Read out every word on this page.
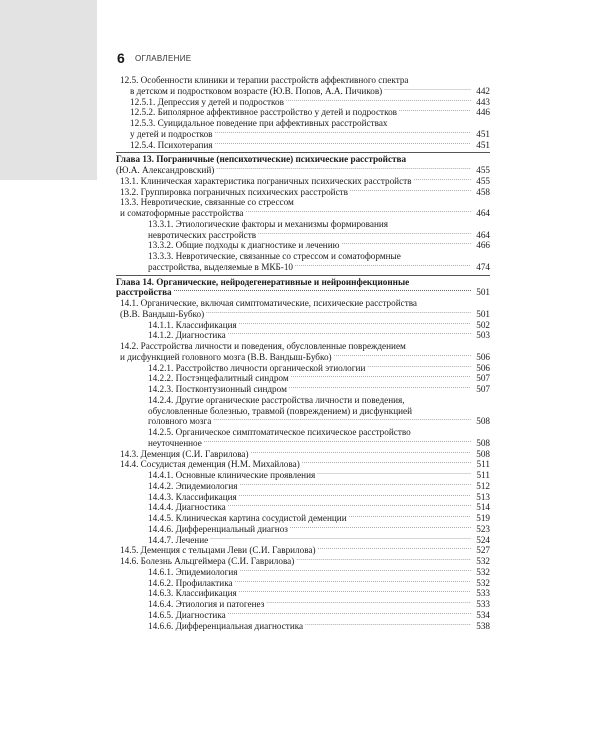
6 ОГЛАВЛЕНИЕ
12.5. Особенности клиники и терапии расстройств аффективного спектра
в детском и подростковом возрасте (Ю.В. Попов, А.А. Пичиков) .....	442
12.5.1. Депрессия у детей и подростков .....	443
12.5.2. Биполярное аффективное расстройство у детей и подростков .....	446
12.5.3. Суицидальное поведение при аффективных расстройствах
у детей и подростков .....	451
12.5.4. Психотерапия .....	451
Глава 13. Пограничные (непсихотические) психические расстройства
(Ю.А. Александровский) .....	455
13.1. Клиническая характеристика пограничных психических расстройств .....	455
13.2. Группировка пограничных психических расстройств .....	458
13.3. Невротические, связанные со стрессом
и соматоформные расстройства .....	464
13.3.1. Этиологические факторы и механизмы формирования
невротических расстройств .....	464
13.3.2. Общие подходы к диагностике и лечению .....	466
13.3.3. Невротические, связанные со стрессом и соматоформные
расстройства, выделяемые в МКБ-10 .....	474
Глава 14. Органические, нейродегенеративные и нейроинфекционные
расстройства .....	501
14.1. Органические, включая симптоматические, психические расстройства
(В.В. Вандыш-Бубко) .....	501
14.1.1. Классификация .....	502
14.1.2. Диагностика .....	503
14.2. Расстройства личности и поведения, обусловленные повреждением
и дисфункцией головного мозга (В.В. Вандыш-Бубко) .....	506
14.2.1. Расстройство личности органической этиологии .....	506
14.2.2. Постэнцефалитный синдром .....	507
14.2.3. Постконтузионный синдром .....	507
14.2.4. Другие органические расстройства личности и поведения,
обусловленные болезнью, травмой (повреждением) и дисфункцией
головного мозга .....	508
14.2.5. Органическое симптоматическое психическое расстройство
неуточненное .....	508
14.3. Деменция (С.И. Гаврилова) .....	508
14.4. Сосудистая деменция (Н.М. Михайлова) .....	511
14.4.1. Основные клинические проявления .....	511
14.4.2. Эпидемиология .....	512
14.4.3. Классификация .....	513
14.4.4. Диагностика .....	514
14.4.5. Клиническая картина сосудистой деменции .....	519
14.4.6. Дифференциальный диагноз .....	523
14.4.7. Лечение .....	524
14.5. Деменция с тельцами Леви (С.И. Гаврилова) .....	527
14.6. Болезнь Альцгеймера (С.И. Гаврилова) .....	532
14.6.1. Эпидемиология .....	532
14.6.2. Профилактика .....	532
14.6.3. Классификация .....	533
14.6.4. Этиология и патогенез .....	533
14.6.5. Диагностика .....	534
14.6.6. Дифференциальная диагностика .....	538
